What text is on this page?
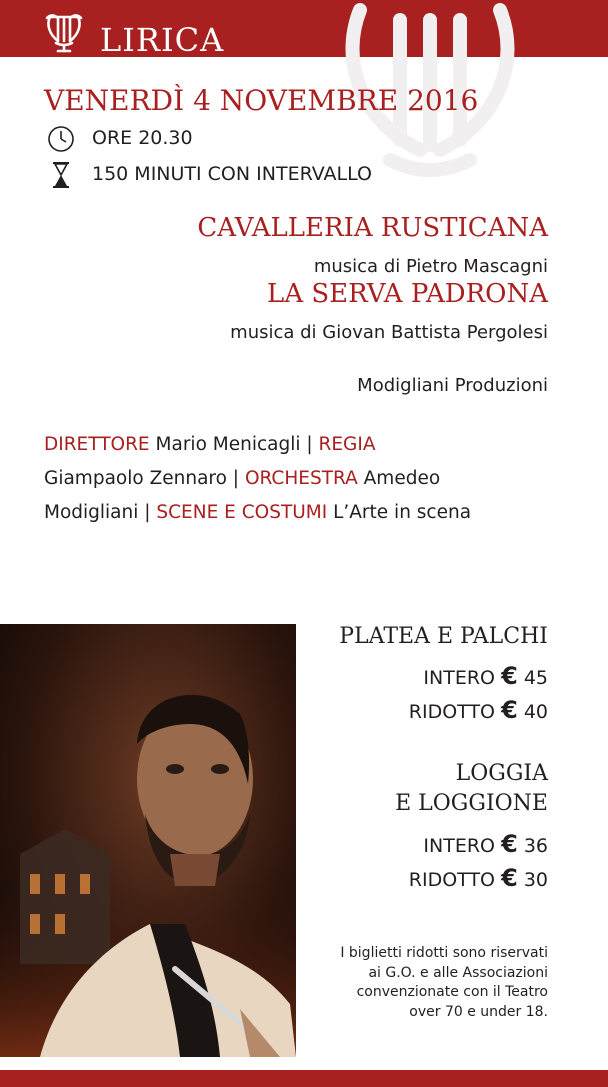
LIRICA
VENERDÌ 4 NOVEMBRE 2016
ORE 20.30
150 MINUTI CON INTERVALLO
CAVALLERIA RUSTICANA
musica di Pietro Mascagni
LA SERVA PADRONA
musica di Giovan Battista Pergolesi
Modigliani Produzioni
DIRETTORE Mario Menicagli | REGIA
Giampaolo Zennaro | ORCHESTRA Amedeo
Modigliani | SCENE E COSTUMI L’Arte in scena
PLATEA E PALCHI
INTERO € 45
RIDOTTO € 40
LOGGIA
E LOGGIONE
INTERO € 36
RIDOTTO € 30
I biglietti ridotti sono riservati
ai G.O. e alle Associazioni
convenzionate con il Teatro
over 70 e under 18.
